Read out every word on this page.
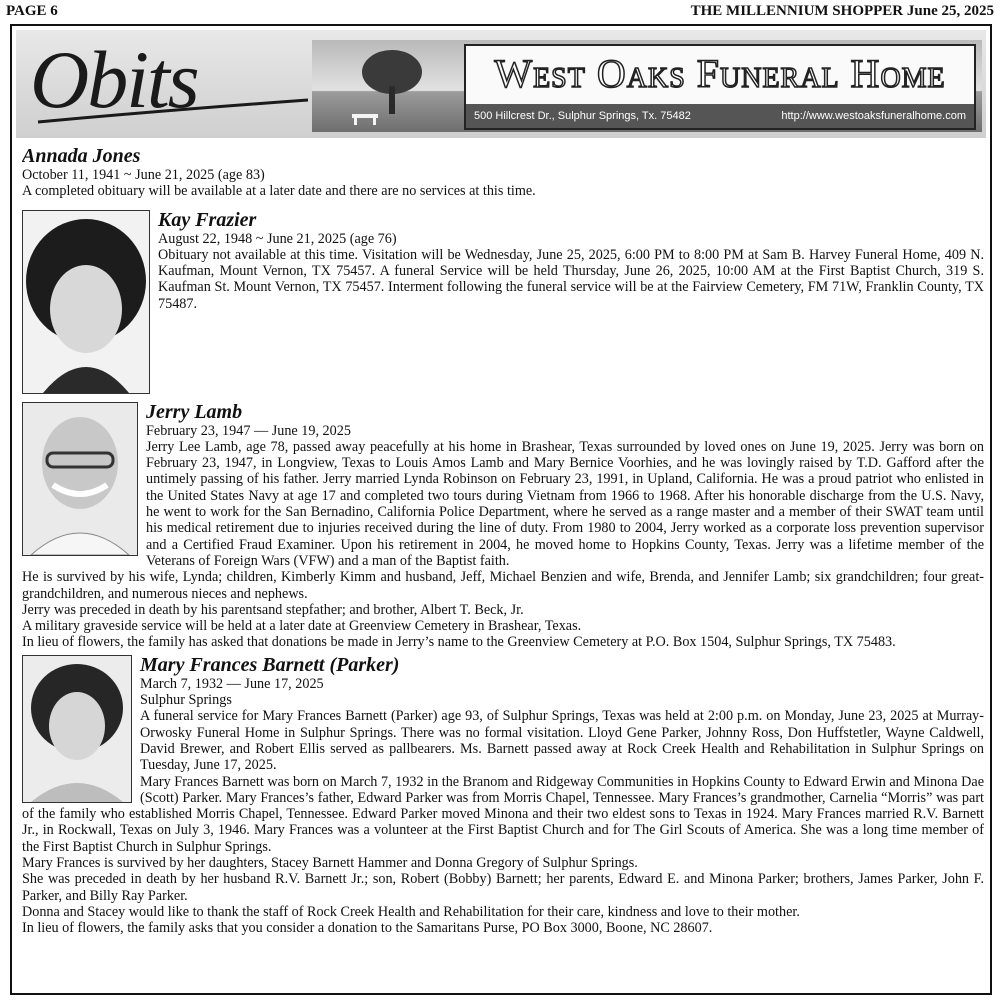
PAGE 6	THE MILLENNIUM SHOPPER June 25, 2025
Obits	West Oaks Funeral Home
500 Hillcrest Dr., Sulphur Springs, Tx. 75482	http://www.westoaksfuneralhome.com
Annada Jones

October 11, 1941 ~ June 21, 2025 (age 83)

A completed obituary will be available at a later date and there are no services at this time.

Kay Frazier

August 22, 1948 ~ June 21, 2025 (age 76)

Obituary not available at this time. Visitation will be Wednesday, June 25, 2025, 6:00 PM to 8:00 PM at Sam B. Harvey Funeral Home, 409 N. Kaufman, Mount Vernon, TX 75457. A funeral Service will be held Thursday, June 26, 2025, 10:00 AM at the First Baptist Church, 319 S. Kaufman St. Mount Vernon, TX 75457. Interment following the funeral service will be at the Fairview Cemetery, FM 71W, Franklin County, TX 75487.

Jerry Lamb

February 23, 1947 — June 19, 2025

Jerry Lee Lamb, age 78, passed away peacefully at his home in Brashear, Texas surrounded by loved ones on June 19, 2025. Jerry was born on February 23, 1947, in Longview, Texas to Louis Amos Lamb and Mary Bernice Voorhies, and he was lovingly raised by T.D. Gafford after the untimely passing of his father. Jerry married Lynda Robinson on February 23, 1991, in Upland, California. He was a proud patriot who enlisted in the United States Navy at age 17 and completed two tours during Vietnam from 1966 to 1968. After his honorable discharge from the U.S. Navy, he went to work for the San Bernadino, California Police Department, where he served as a range master and a member of their SWAT team until his medical retirement due to injuries received during the line of duty. From 1980 to 2004, Jerry worked as a corporate loss prevention supervisor and a Certified Fraud Examiner. Upon his retirement in 2004, he moved home to Hopkins County, Texas. Jerry was a lifetime member of the Veterans of Foreign Wars (VFW) and a man of the Baptist faith.

He is survived by his wife, Lynda; children, Kimberly Kimm and husband, Jeff, Michael Benzien and wife, Brenda, and Jennifer Lamb; six grandchildren; four great-grandchildren, and numerous nieces and nephews.

Jerry was preceded in death by his parentsand stepfather; and brother, Albert T. Beck, Jr.

A military graveside service will be held at a later date at Greenview Cemetery in Brashear, Texas.

In lieu of flowers, the family has asked that donations be made in Jerry’s name to the Greenview Cemetery at P.O. Box 1504, Sulphur Springs, TX 75483.

Mary Frances Barnett (Parker)

March 7, 1932 — June 17, 2025

Sulphur Springs

A funeral service for Mary Frances Barnett (Parker) age 93, of Sulphur Springs, Texas was held at 2:00 p.m. on Monday, June 23, 2025 at Murray-Orwosky Funeral Home in Sulphur Springs. There was no formal visitation. Lloyd Gene Parker, Johnny Ross, Don Huffstetler, Wayne Caldwell, David Brewer, and Robert Ellis served as pallbearers. Ms. Barnett passed away at Rock Creek Health and Rehabilitation in Sulphur Springs on Tuesday, June 17, 2025.

Mary Frances Barnett was born on March 7, 1932 in the Branom and Ridgeway Communities in Hopkins County to Edward Erwin and Minona Dae (Scott) Parker. Mary Frances’s father, Edward Parker was from Morris Chapel, Tennessee. Mary Frances’s grandmother, Carnelia “Morris” was part of the family who established Morris Chapel, Tennessee. Edward Parker moved Minona and their two eldest sons to Texas in 1924. Mary Frances married R.V. Barnett Jr., in Rockwall, Texas on July 3, 1946. Mary Frances was a volunteer at the First Baptist Church and for The Girl Scouts of America. She was a long time member of the First Baptist Church in Sulphur Springs.

Mary Frances is survived by her daughters, Stacey Barnett Hammer and Donna Gregory of Sulphur Springs.

She was preceded in death by her husband R.V. Barnett Jr.; son, Robert (Bobby) Barnett; her parents, Edward E. and Minona Parker; brothers, James Parker, John F. Parker, and Billy Ray Parker.

Donna and Stacey would like to thank the staff of Rock Creek Health and Rehabilitation for their care, kindness and love to their mother.

In lieu of flowers, the family asks that you consider a donation to the Samaritans Purse, PO Box 3000, Boone, NC 28607.
